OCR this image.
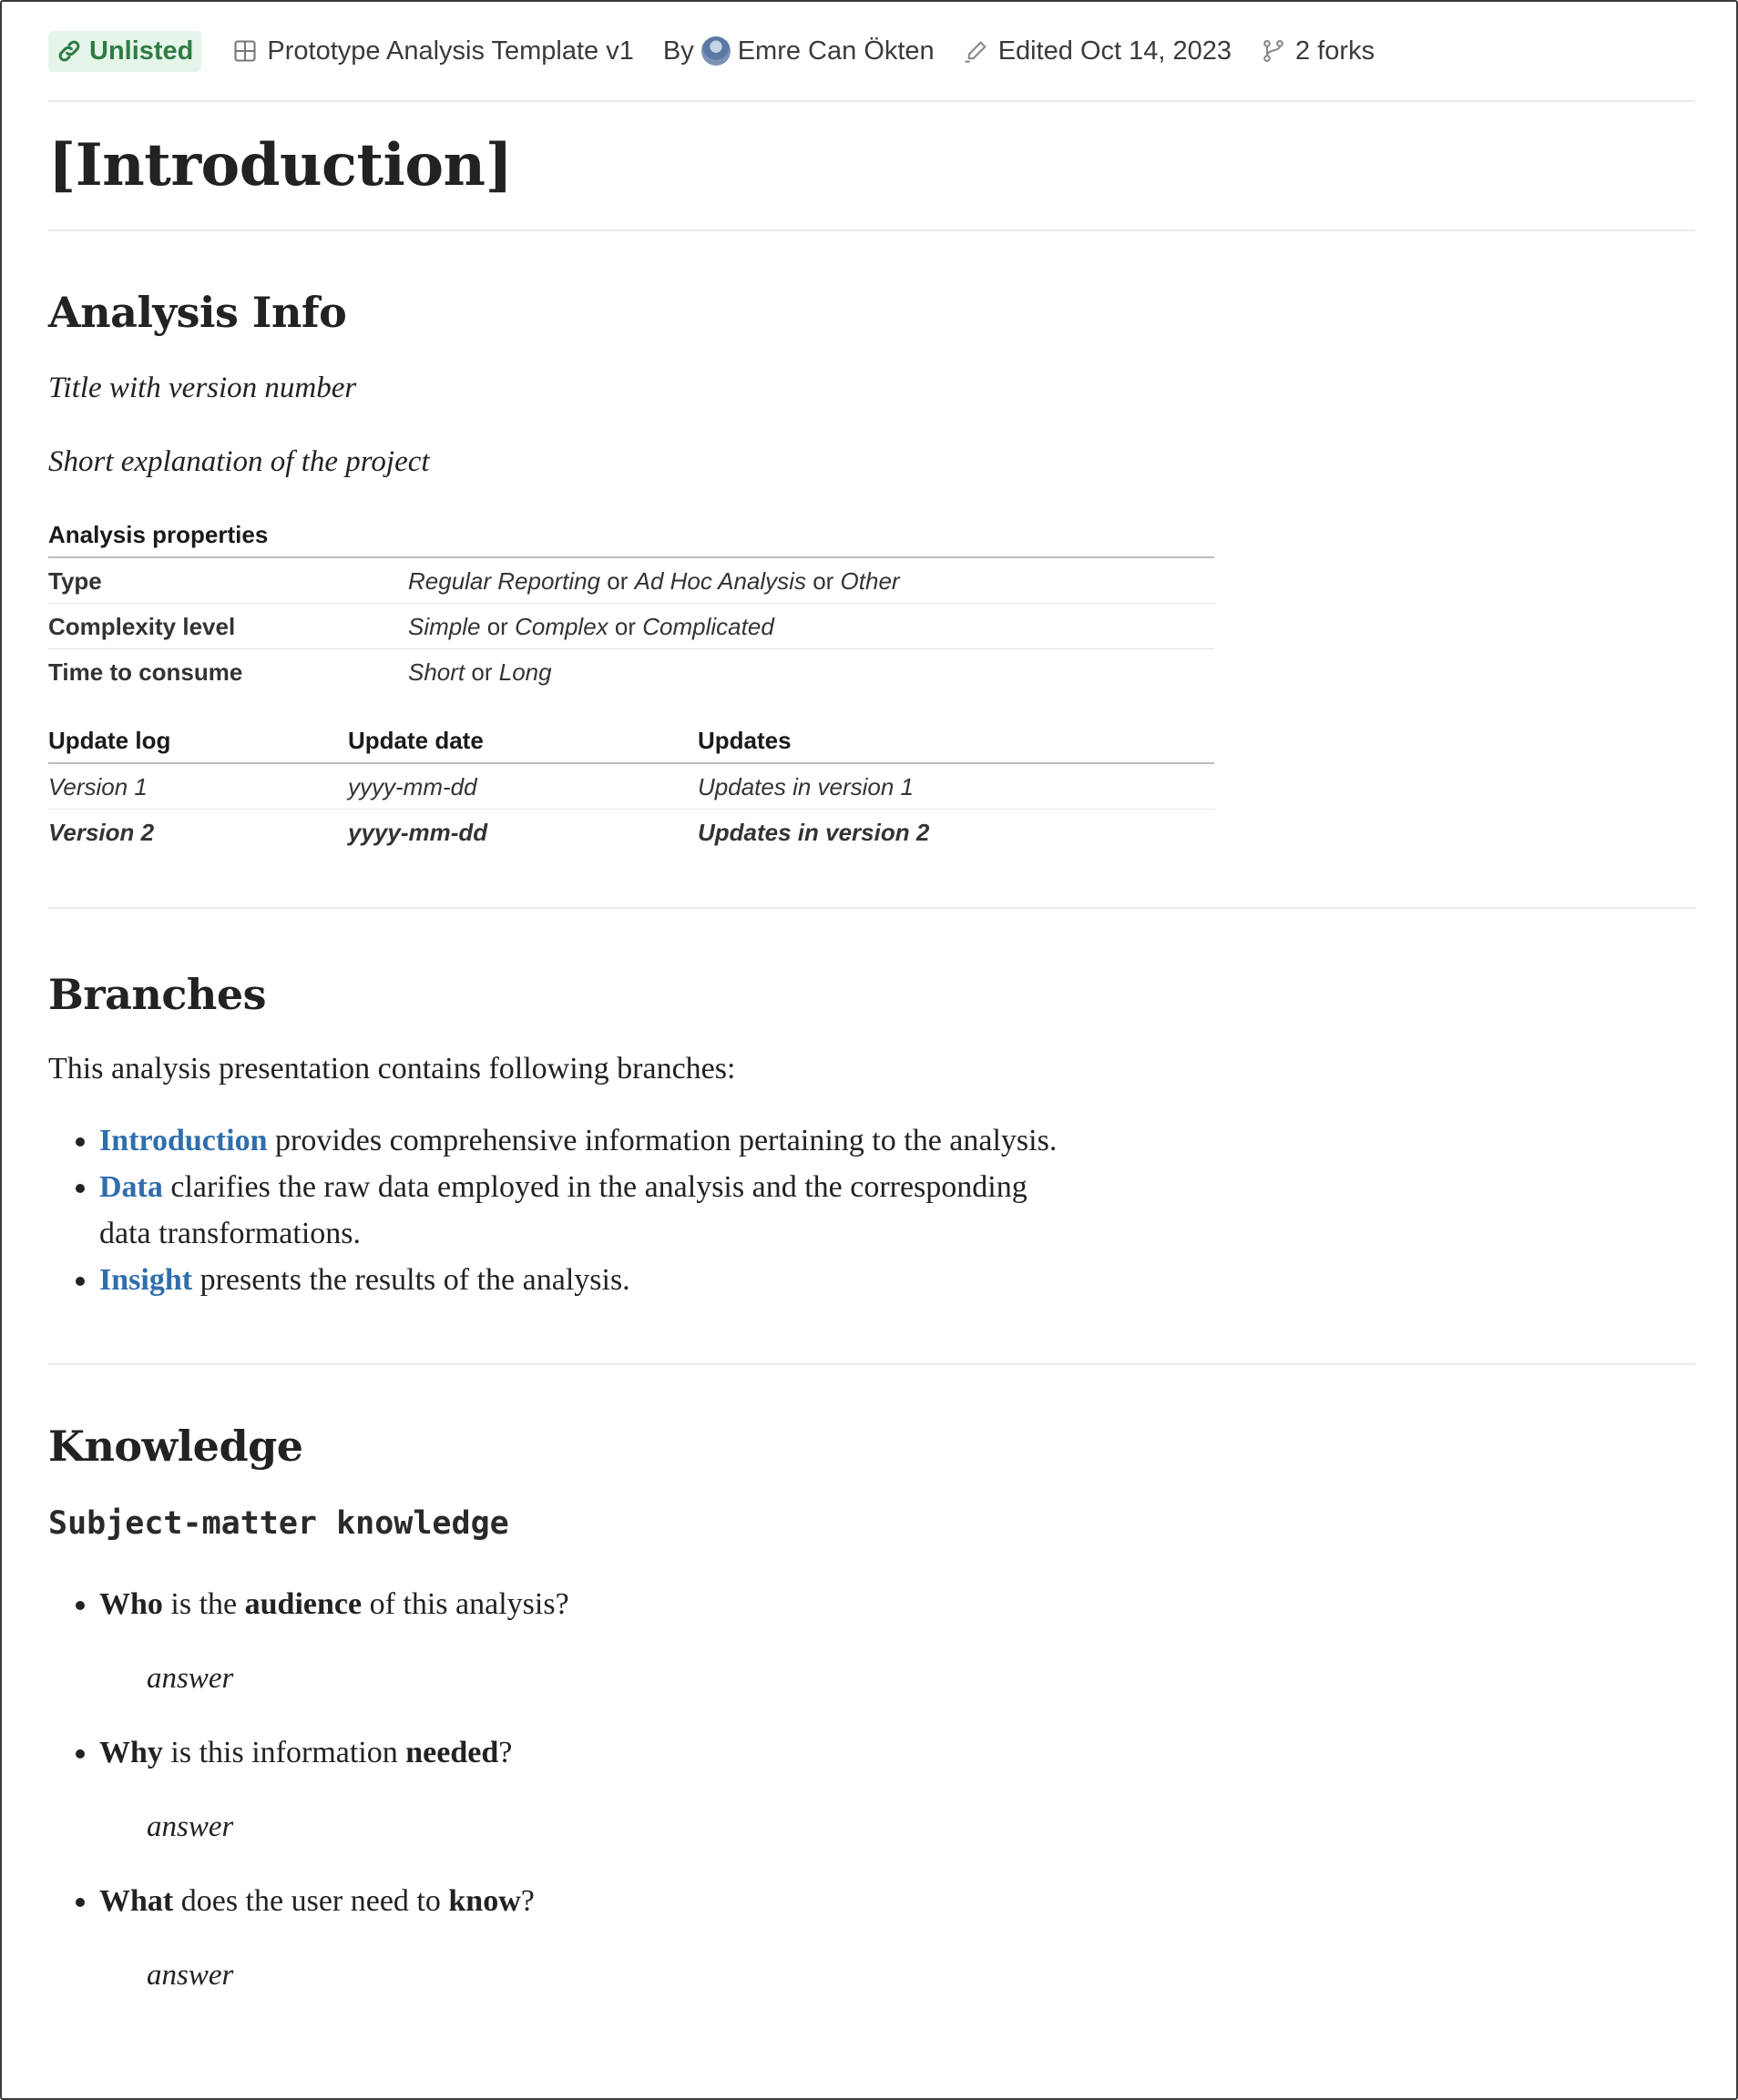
Unlisted	Prototype Analysis Template v1 By Emre Can Ökten Edited Oct 14, 2023 2 forks
[Introduction]
Analysis Info

Title with version number

Short explanation of the project

Analysis properties	
Type	Regular Reporting or Ad Hoc Analysis or Other
Complexity level	Simple or Complex or Complicated
Time to consume	Short or Long
Update log	Update date	Updates
Version 1	yyyy-mm-dd	Updates in version 1
Version 2	yyyy-mm-dd	Updates in version 2
Branches

This analysis presentation contains following branches:

• Introduction provides comprehensive information pertaining to the analysis.
• Data clarifies the raw data employed in the analysis and the corresponding
data transformations.
• Insight presents the results of the analysis.
Knowledge
Subject-matter knowledge
• Who is the audience of this analysis?

answer

• Why is this information needed?

answer

• What does the user need to know?

answer
